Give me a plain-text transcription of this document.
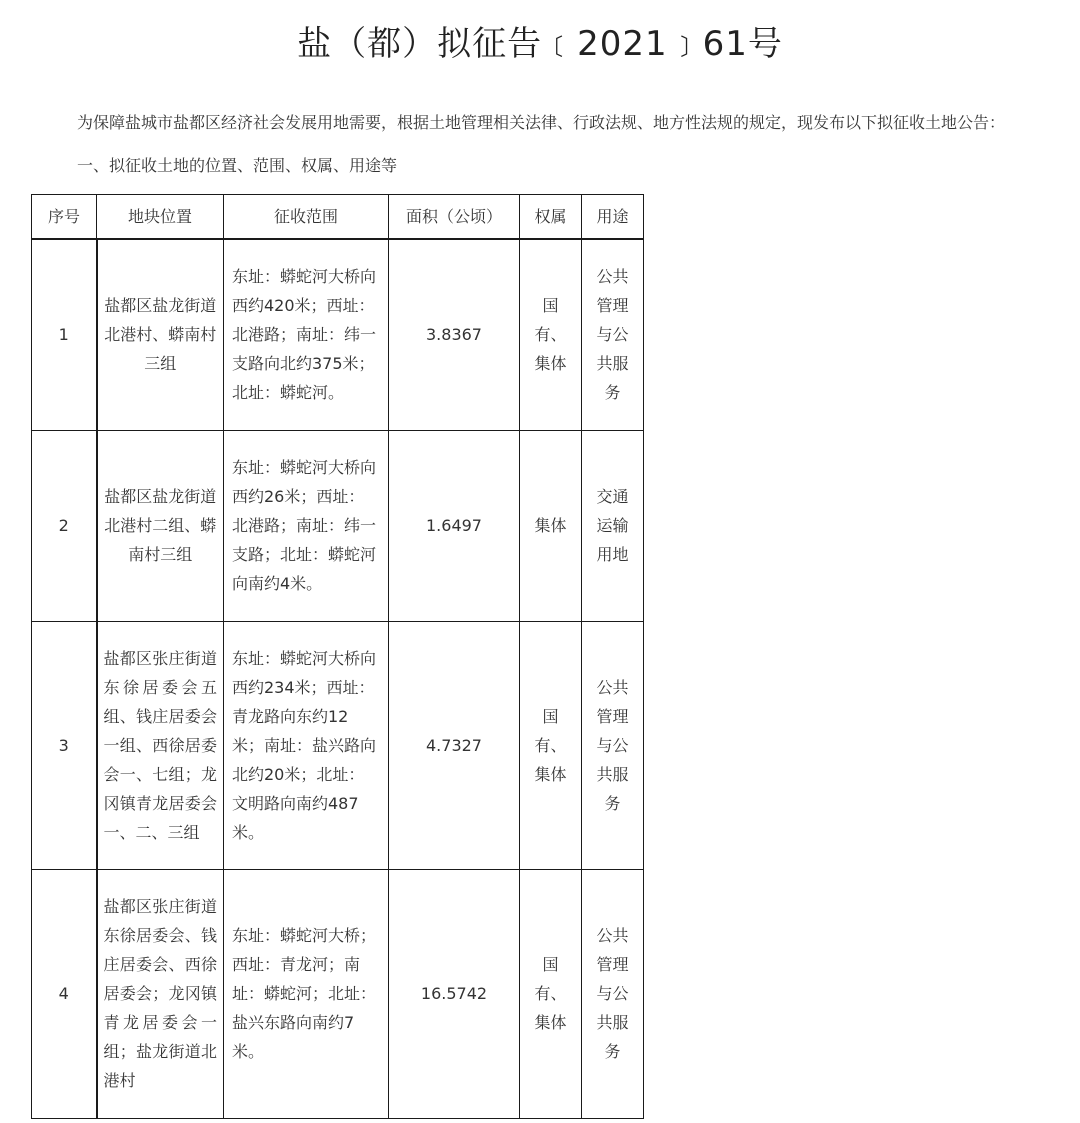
盐（都）拟征告﹝2021﹞61号
为保障盐城市盐都区经济社会发展用地需要，根据土地管理相关法律、行政法规、地方性法规的规定，现发布以下拟征收土地公告：
一、拟征收土地的位置、范围、权属、用途等
序号	地块位置	征收范围	面积（公顷）	权属	用途
1	盐都区盐龙街道北港村、蟒南村三组	东址：蟒蛇河大桥向西约420米；西址：北港路；南址：纬一支路向北约375米；北址：蟒蛇河。	3.8367	国有、集体	公共管理与公共服务
2	盐都区盐龙街道北港村二组、蟒南村三组	东址：蟒蛇河大桥向西约26米；西址：北港路；南址：纬一支路；北址：蟒蛇河向南约4米。	1.6497	集体	交通运输用地
3	盐都区张庄街道东徐居委会五组、钱庄居委会一组、西徐居委会一、七组；龙冈镇青龙居委会一、二、三组	东址：蟒蛇河大桥向西约234米；西址：青龙路向东约12米；南址：盐兴路向北约20米；北址：文明路向南约487米。	4.7327	国有、集体	公共管理与公共服务
4	盐都区张庄街道东徐居委会、钱庄居委会、西徐居委会；龙冈镇青龙居委会一组；盐龙街道北港村	东址：蟒蛇河大桥；西址：青龙河；南址：蟒蛇河；北址：盐兴东路向南约7米。	16.5742	国有、集体	公共管理与公共服务
